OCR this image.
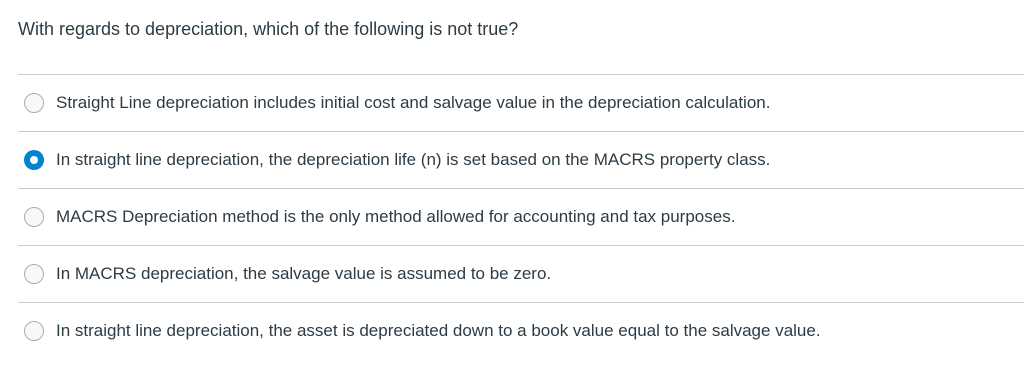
With regards to depreciation, which of the following is not true?
Straight Line depreciation includes initial cost and salvage value in the depreciation calculation.
In straight line depreciation, the depreciation life (n) is set based on the MACRS property class.
MACRS Depreciation method is the only method allowed for accounting and tax purposes.
In MACRS depreciation, the salvage value is assumed to be zero.
In straight line depreciation, the asset is depreciated down to a book value equal to the salvage value.
